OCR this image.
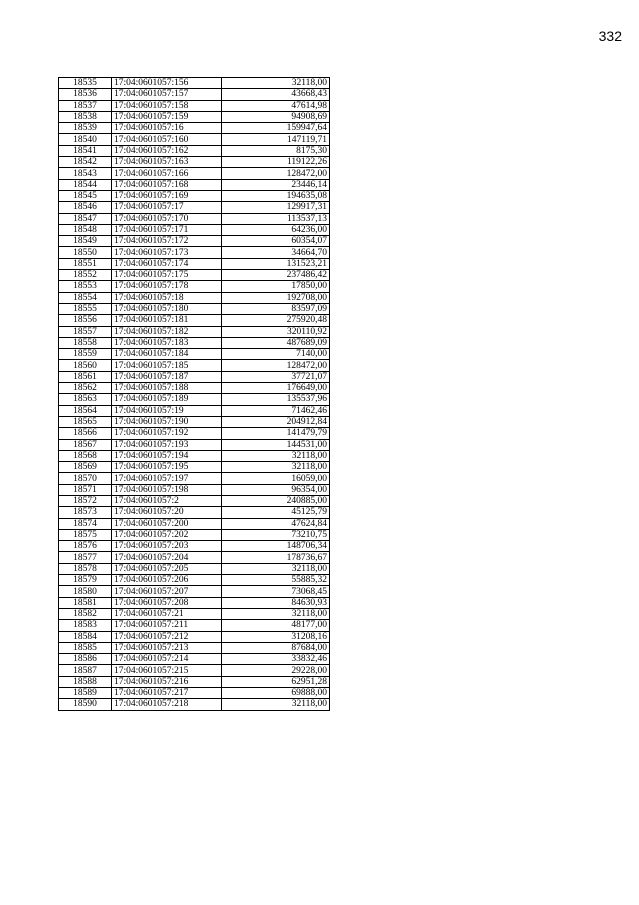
332
18535	17:04:0601057:156	32118,00
18536	17:04:0601057:157	43668,43
18537	17:04:0601057:158	47614,98
18538	17:04:0601057:159	94908,69
18539	17:04:0601057:16	159947,64
18540	17:04:0601057:160	147119,71
18541	17:04:0601057:162	8175,30
18542	17:04:0601057:163	119122,26
18543	17:04:0601057:166	128472,00
18544	17:04:0601057:168	23446,14
18545	17:04:0601057:169	194635,08
18546	17:04:0601057:17	129917,31
18547	17:04:0601057:170	113537,13
18548	17:04:0601057:171	64236,00
18549	17:04:0601057:172	60354,07
18550	17:04:0601057:173	34664,70
18551	17:04:0601057:174	131523,21
18552	17:04:0601057:175	237486,42
18553	17:04:0601057:178	17850,00
18554	17:04:0601057:18	192708,00
18555	17:04:0601057:180	83597,09
18556	17:04:0601057:181	275920,48
18557	17:04:0601057:182	320110,92
18558	17:04:0601057:183	487689,09
18559	17:04:0601057:184	7140,00
18560	17:04:0601057:185	128472,00
18561	17:04:0601057:187	37721,07
18562	17:04:0601057:188	176649,00
18563	17:04:0601057:189	135537,96
18564	17:04:0601057:19	71462,46
18565	17:04:0601057:190	204912,84
18566	17:04:0601057:192	141479,79
18567	17:04:0601057:193	144531,00
18568	17:04:0601057:194	32118,00
18569	17:04:0601057:195	32118,00
18570	17:04:0601057:197	16059,00
18571	17:04:0601057:198	96354,00
18572	17:04:0601057:2	240885,00
18573	17:04:0601057:20	45125,79
18574	17:04:0601057:200	47624,84
18575	17:04:0601057:202	73210,75
18576	17:04:0601057:203	148706,34
18577	17:04:0601057:204	178736,67
18578	17:04:0601057:205	32118,00
18579	17:04:0601057:206	55885,32
18580	17:04:0601057:207	73068,45
18581	17:04:0601057:208	84630,93
18582	17:04:0601057:21	32118,00
18583	17:04:0601057:211	48177,00
18584	17:04:0601057:212	31208,16
18585	17:04:0601057:213	87684,00
18586	17:04:0601057:214	33832,46
18587	17:04:0601057:215	29228,00
18588	17:04:0601057:216	62951,28
18589	17:04:0601057:217	69888,00
18590	17:04:0601057:218	32118,00
